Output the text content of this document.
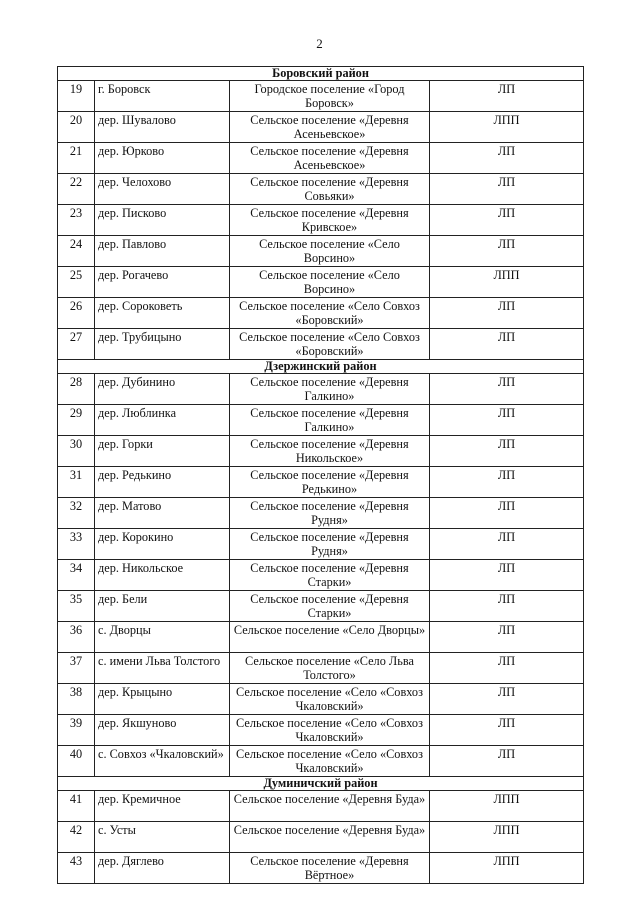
2
Боровский район			
19	г. Боровск	Городское поселение «Город Боровск»	ЛП
20	дер. Шувалово	Сельское поселение «Деревня Асеньевское»	ЛПП
21	дер. Юрково	Сельское поселение «Деревня Асеньевское»	ЛП
22	дер. Челохово	Сельское поселение «Деревня Совьяки»	ЛП
23	дер. Писково	Сельское поселение «Деревня Кривское»	ЛП
24	дер. Павлово	Сельское поселение «Село Ворсино»	ЛП
25	дер. Рогачево	Сельское поселение «Село Ворсино»	ЛПП
26	дер. Сороковеть	Сельское поселение «Село Совхоз «Боровский»	ЛП
27	дер. Трубицыно	Сельское поселение «Село Совхоз «Боровский»	ЛП
Дзержинский район			
28	дер. Дубинино	Сельское поселение «Деревня Галкино»	ЛП
29	дер. Люблинка	Сельское поселение «Деревня Галкино»	ЛП
30	дер. Горки	Сельское поселение «Деревня Никольское»	ЛП
31	дер. Редькино	Сельское поселение «Деревня Редькино»	ЛП
32	дер. Матово	Сельское поселение «Деревня Рудня»	ЛП
33	дер. Корокино	Сельское поселение «Деревня Рудня»	ЛП
34	дер. Никольское	Сельское поселение «Деревня Старки»	ЛП
35	дер. Бели	Сельское поселение «Деревня Старки»	ЛП
36	с. Дворцы	Сельское поселение «Село Дворцы»	ЛП
37	с. имени Льва Толстого	Сельское поселение «Село Льва Толстого»	ЛП
38	дер. Крыцыно	Сельское поселение «Село «Совхоз Чкаловский»	ЛП
39	дер. Якшуново	Сельское поселение «Село «Совхоз Чкаловский»	ЛП
40	с. Совхоз «Чкаловский»	Сельское поселение «Село «Совхоз Чкаловский»	ЛП
Думиничский район			
41	дер. Кремичное	Сельское поселение «Деревня Буда»	ЛПП
42	с. Усты	Сельское поселение «Деревня Буда»	ЛПП
43	дер. Дяглево	Сельское поселение «Деревня Вёртное»	ЛПП
